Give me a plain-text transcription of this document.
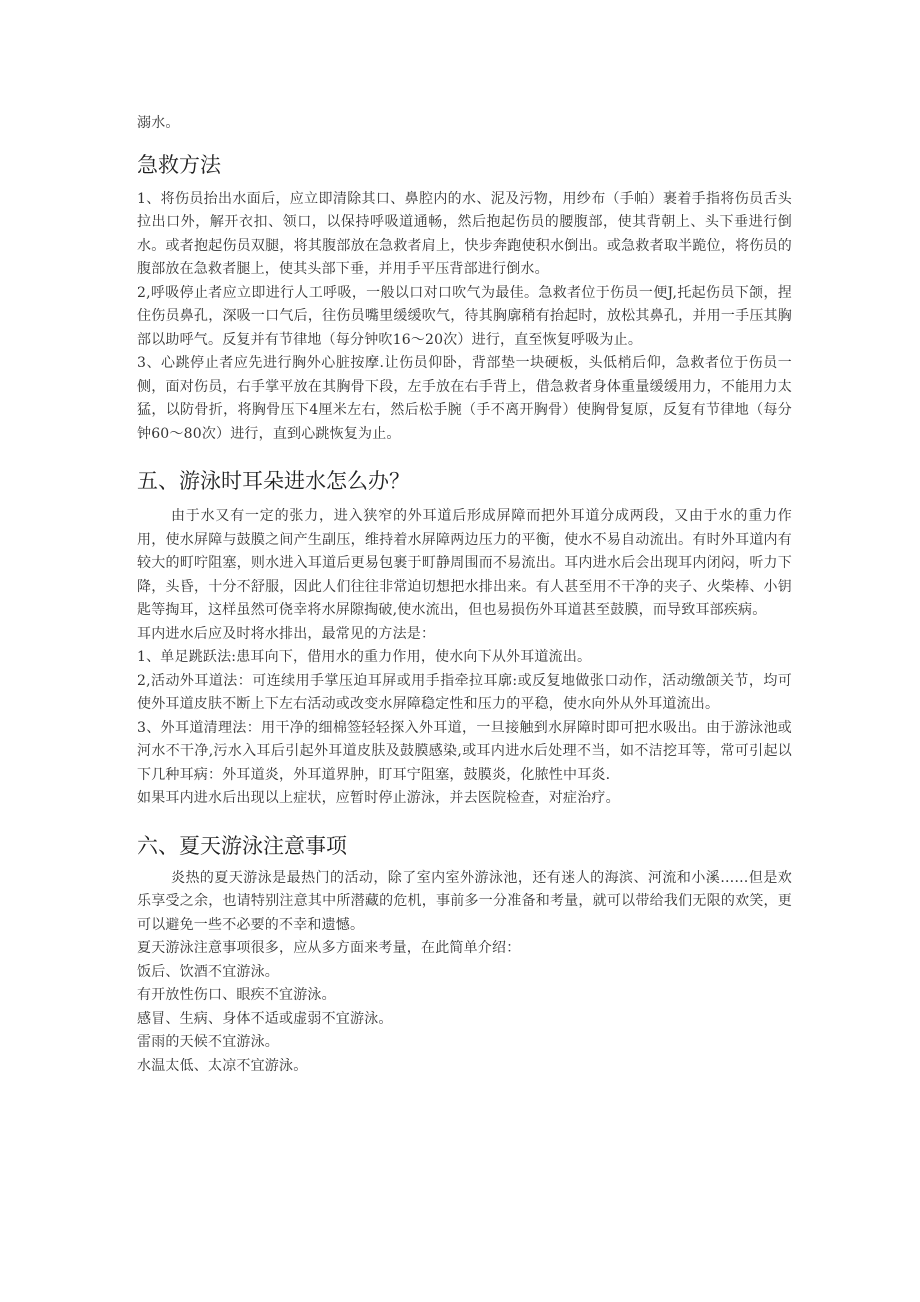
溺水。

急救方法

1、将伤员抬出水面后，应立即清除其口、鼻腔内的水、泥及污物，用纱布（手帕）裹着手指将伤员舌头拉出口外，解开衣扣、领口，以保持呼吸道通畅，然后抱起伤员的腰腹部，使其背朝上、头下垂进行倒水。或者抱起伤员双腿，将其腹部放在急救者肩上，快步奔跑使积水倒出。或急救者取半跪位，将伤员的腹部放在急救者腿上，使其头部下垂，并用手平压背部进行倒水。

2,呼吸停止者应立即进行人工呼吸，一般以口对口吹气为最佳。急救者位于伤员一便J,托起伤员下颌，捏住伤员鼻孔，深吸一口气后，往伤员嘴里缓缓吹气，待其胸廓稍有抬起时，放松其鼻孔，并用一手压其胸部以助呼气。反复并有节律地（每分钟吹16～20次）进行，直至恢复呼吸为止。

3、心跳停止者应先进行胸外心脏按摩.让伤员仰卧，背部垫一块硬板，头低梢后仰，急救者位于伤员一侧，面对伤员，右手掌平放在其胸骨下段，左手放在右手背上，借急救者身体重量缓缓用力，不能用力太猛，以防骨折，将胸骨压下4厘米左右，然后松手腕（手不离开胸骨）使胸骨复原，反复有节律地（每分钟60～80次）进行，直到心跳恢复为止。

五、游泳时耳朵进水怎么办？

由于水又有一定的张力，进入狭窄的外耳道后形成屏障而把外耳道分成两段，又由于水的重力作用，使水屏障与鼓膜之间产生副压，维持着水屏障两边压力的平衡，使水不易自动流出。有时外耳道内有较大的町咛阻塞，则水进入耳道后更易包裹于町静周围而不易流出。耳内进水后会出现耳内闭闷，听力下降，头昏，十分不舒服，因此人们往往非常迫切想把水排出来。有人甚至用不干净的夹子、火柴棒、小钥匙等掏耳，这样虽然可侥幸将水屏隙掏破,使水流出，但也易损伤外耳道甚至鼓膜，而导致耳部疾病。

耳内进水后应及时将水排出，最常见的方法是：

1、单足跳跃法:患耳向下，借用水的重力作用，使水向下从外耳道流出。

2,活动外耳道法：可连续用手掌压迫耳屏或用手指牵拉耳廓:或反复地做张口动作，活动缴颌关节，均可使外耳道皮肤不断上下左右活动或改变水屏障稳定性和压力的平稳，使水向外从外耳道流出。

3、外耳道清理法：用干净的细棉签轻轻探入外耳道，一旦接触到水屏障时即可把水吸出。由于游泳池或河水不干净,污水入耳后引起外耳道皮肤及鼓膜感染,或耳内进水后处理不当，如不洁挖耳等，常可引起以下几种耳病：外耳道炎，外耳道界肿，盯耳宁阻塞，鼓膜炎，化脓性中耳炎.

如果耳内进水后出现以上症状，应暂时停止游泳，并去医院检查，对症治疗。

六、夏天游泳注意事项

炎热的夏天游泳是最热门的活动，除了室内室外游泳池，还有迷人的海滨、河流和小溪……但是欢乐享受之余，也请特别注意其中所潜藏的危机，事前多一分准备和考量，就可以带给我们无限的欢笑，更可以避免一些不必要的不幸和遗憾。

夏天游泳注意事项很多，应从多方面来考量，在此简单介绍：

饭后、饮酒不宜游泳。

有开放性伤口、眼疾不宜游泳。

感冒、生病、身体不适或虚弱不宜游泳。

雷雨的天候不宜游泳。

水温太低、太凉不宜游泳。
